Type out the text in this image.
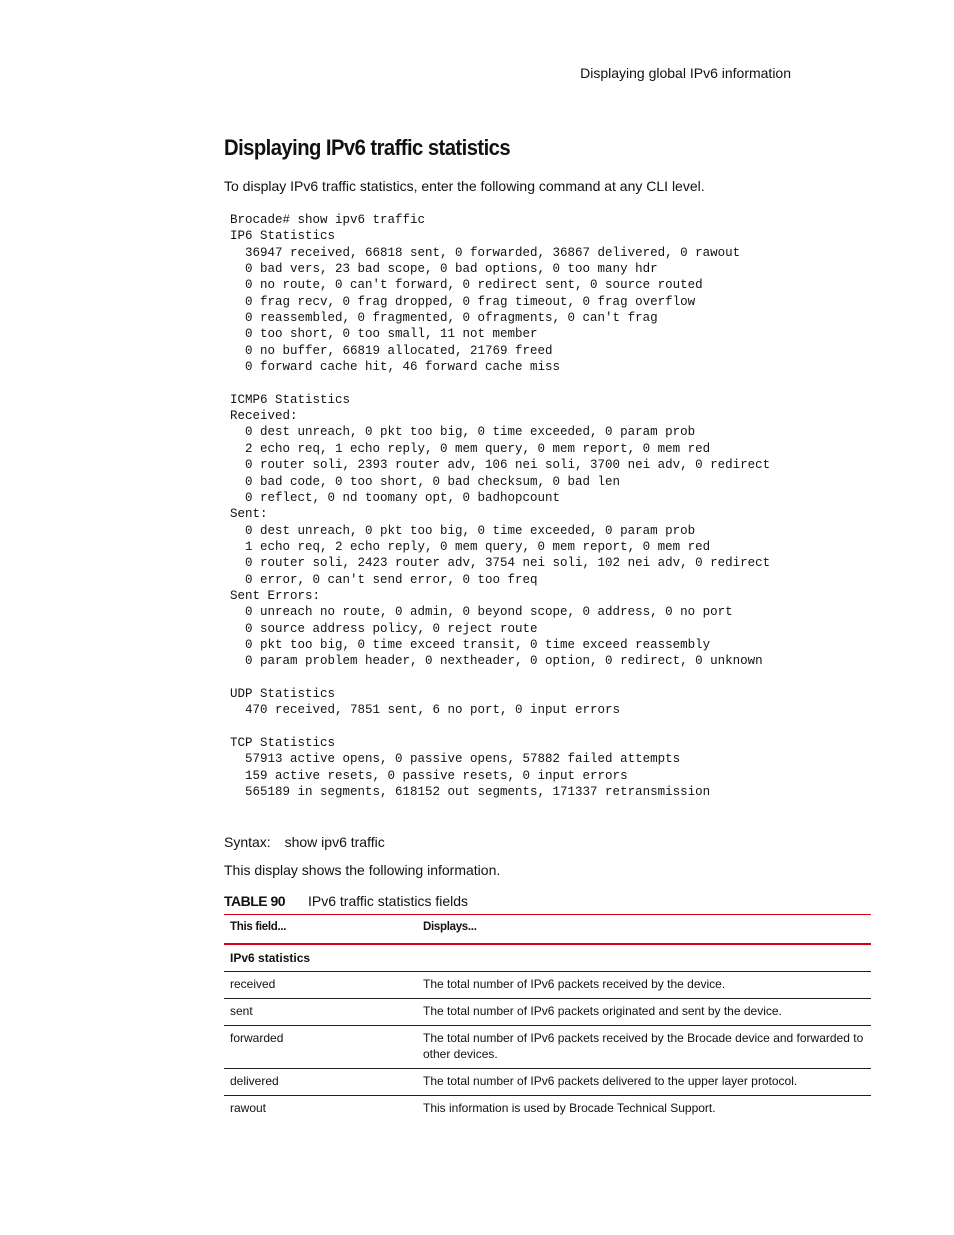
Displaying global IPv6 information
Displaying IPv6 traffic statistics

To display IPv6 traffic statistics, enter the following command at any CLI level.

Brocade# show ipv6 traffic
IP6 Statistics
36947 received, 66818 sent, 0 forwarded, 36867 delivered, 0 rawout
0 bad vers, 23 bad scope, 0 bad options, 0 too many hdr
0 no route, 0 can't forward, 0 redirect sent, 0 source routed
0 frag recv, 0 frag dropped, 0 frag timeout, 0 frag overflow
0 reassembled, 0 fragmented, 0 ofragments, 0 can't frag
0 too short, 0 too small, 11 not member
0 no buffer, 66819 allocated, 21769 freed
0 forward cache hit, 46 forward cache miss
ICMP6 Statistics
Received:
0 dest unreach, 0 pkt too big, 0 time exceeded, 0 param prob
2 echo req, 1 echo reply, 0 mem query, 0 mem report, 0 mem red
0 router soli, 2393 router adv, 106 nei soli, 3700 nei adv, 0 redirect
0 bad code, 0 too short, 0 bad checksum, 0 bad len
0 reflect, 0 nd toomany opt, 0 badhopcount
Sent:
0 dest unreach, 0 pkt too big, 0 time exceeded, 0 param prob
1 echo req, 2 echo reply, 0 mem query, 0 mem report, 0 mem red
0 router soli, 2423 router adv, 3754 nei soli, 102 nei adv, 0 redirect
0 error, 0 can't send error, 0 too freq
Sent Errors:
0 unreach no route, 0 admin, 0 beyond scope, 0 address, 0 no port
0 source address policy, 0 reject route
0 pkt too big, 0 time exceed transit, 0 time exceed reassembly
0 param problem header, 0 nextheader, 0 option, 0 redirect, 0 unknown
UDP Statistics
470 received, 7851 sent, 6 no port, 0 input errors
TCP Statistics
57913 active opens, 0 passive opens, 57882 failed attempts
159 active resets, 0 passive resets, 0 input errors
565189 in segments, 618152 out segments, 171337 retransmission

Syntax: show ipv6 traffic

This display shows the following information.

TABLE 90	IPv6 traffic statistics fields
This field...	Displays...
IPv6 statistics	
received	The total number of IPv6 packets received by the device.
sent	The total number of IPv6 packets originated and sent by the device.
forwarded	The total number of IPv6 packets received by the Brocade device and forwarded to other devices.
delivered	The total number of IPv6 packets delivered to the upper layer protocol.
rawout	This information is used by Brocade Technical Support.
